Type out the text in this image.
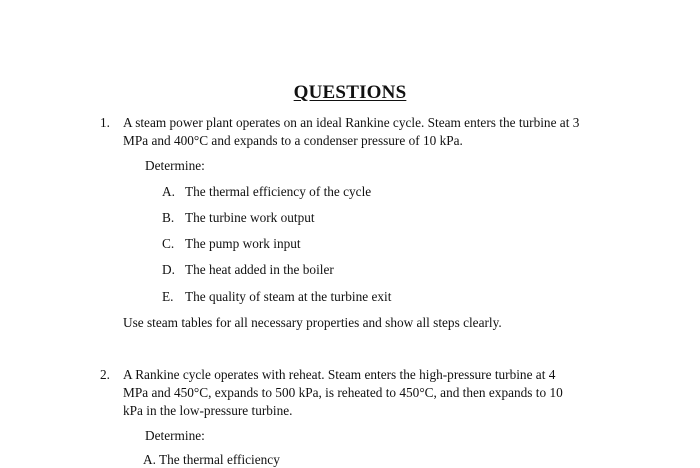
QUESTIONS
1. A steam power plant operates on an ideal Rankine cycle. Steam enters the turbine at 3
MPa and 400°C and expands to a condenser pressure of 10 kPa.
Determine:
A. The thermal efficiency of the cycle
B. The turbine work output
C. The pump work input
D. The heat added in the boiler
E. The quality of steam at the turbine exit
Use steam tables for all necessary properties and show all steps clearly.
2. A Rankine cycle operates with reheat. Steam enters the high-pressure turbine at 4
MPa and 450°C, expands to 500 kPa, is reheated to 450°C, and then expands to 10
kPa in the low-pressure turbine.
Determine:
A. The thermal efficiency
